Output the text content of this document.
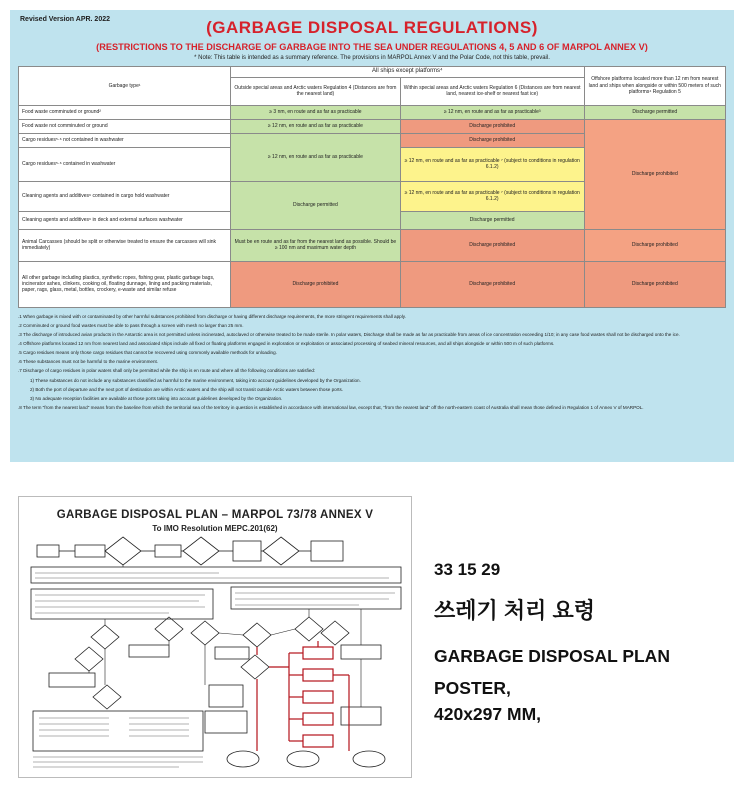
Revised Version APR. 2022	(GARBAGE DISPOSAL REGULATIONS)
(RESTRICTIONS TO THE DISCHARGE OF GARBAGE INTO THE SEA UNDER REGULATIONS 4, 5 AND 6 OF MARPOL ANNEX V)
* Note: This table is intended as a summary reference. The provisions in MARPOL Annex V and the Polar Code, not this table, prevail.
Garbage type¹	All ships except platforms⁴		Offshore platforms located more than 12 nm from nearest land and ships when alongside or within 500 meters of such platforms⁴ Regulation 5
	Outside special areas and Arctic waters Regulation 4 (Distances are from the nearest land)	Within special areas and Arctic waters Regulation 6 (Distances are from nearest land, nearest ice-shelf or nearest fast ice)	
Food waste comminuted or ground²	≥ 3 nm, en route and as far as practicable	≥ 12 nm, en route and as far as practicable³	Discharge permitted
Food waste not comminuted or ground	≥ 12 nm, en route and as far as practicable	Discharge prohibited	Discharge prohibited
Cargo residues⁵·⁶ not contained in washwater	≥ 12 nm, en route and as far as practicable	Discharge prohibited	
Cargo residues⁵·⁶ contained in washwater		≥ 12 nm, en route and as far as practicable ⁷ (subject to conditions in regulation 6.1.2)	
Cleaning agents and additives⁶ contained in cargo hold washwater	Discharge permitted	≥ 12 nm, en route and as far as practicable ⁷ (subject to conditions in regulation 6.1.2)	
Cleaning agents and additives⁶ in deck and external surfaces washwater		Discharge permitted	
Animal Carcasses (should be split or otherwise treated to ensure the carcasses will sink immediately)	Must be en route and as far from the nearest land as possible. Should be ≥ 100 nm and maximum water depth	Discharge prohibited	Discharge prohibited
All other garbage including plastics, synthetic ropes, fishing gear, plastic garbage bags, incinerator ashes, clinkers, cooking oil, floating dunnage, lining and packing materials, paper, rags, glass, metal, bottles, crockery, e-waste and similar refuse	Discharge prohibited	Discharge prohibited	Discharge prohibited

.1 When garbage is mixed with or contaminated by other harmful substances prohibited from discharge or having different discharge requirements, the more stringent requirements shall apply.

.2 Comminuted or ground food wastes must be able to pass through a screen with mesh no larger than 25 mm.

.3 The discharge of introduced avian products in the Antarctic area is not permitted unless incinerated, autoclaved or otherwise treated to be made sterile. In polar waters, Discharge shall be made as far as practicable from areas of ice concentration exceeding 1/10; in any case food wastes shall not be discharged onto the ice.

.4 Offshore platforms located 12 nm from nearest land and associated ships include all fixed or floating platforms engaged in exploration or exploitation or associated processing of seabed mineral resources, and all ships alongside or within 500 m of such platforms.

.5 Cargo residues means only those cargo residues that cannot be recovered using commonly available methods for unloading.

.6 These substances must not be harmful to the marine environment.

.7 Discharge of cargo residues in polar waters shall only be permitted while the ship is en route and where all the following conditions are satisfied:

1) These substances do not include any substances classified as harmful to the marine environment, taking into account guidelines developed by the Organization.

2) Both the port of departure and the next port of destination are within Arctic waters and the ship will not transit outside Arctic waters between those ports.

3) No adequate reception facilities are available at those ports taking into account guidelines developed by the Organization.

.8 The term "from the nearest land" means from the baseline from which the territorial sea of the territory in question is established in accordance with international law, except that, "from the nearest land" off the north-eastern coast of Australia shall mean those defined in Regulation 1 of Annex V of MARPOL.

GARBAGE DISPOSAL PLAN – MARPOL 73/78 ANNEX V
To IMO Resolution MEPC.201(62)
33 15 29
쓰레기 처리 요령
GARBAGE DISPOSAL PLAN
POSTER,
420x297 MM,
